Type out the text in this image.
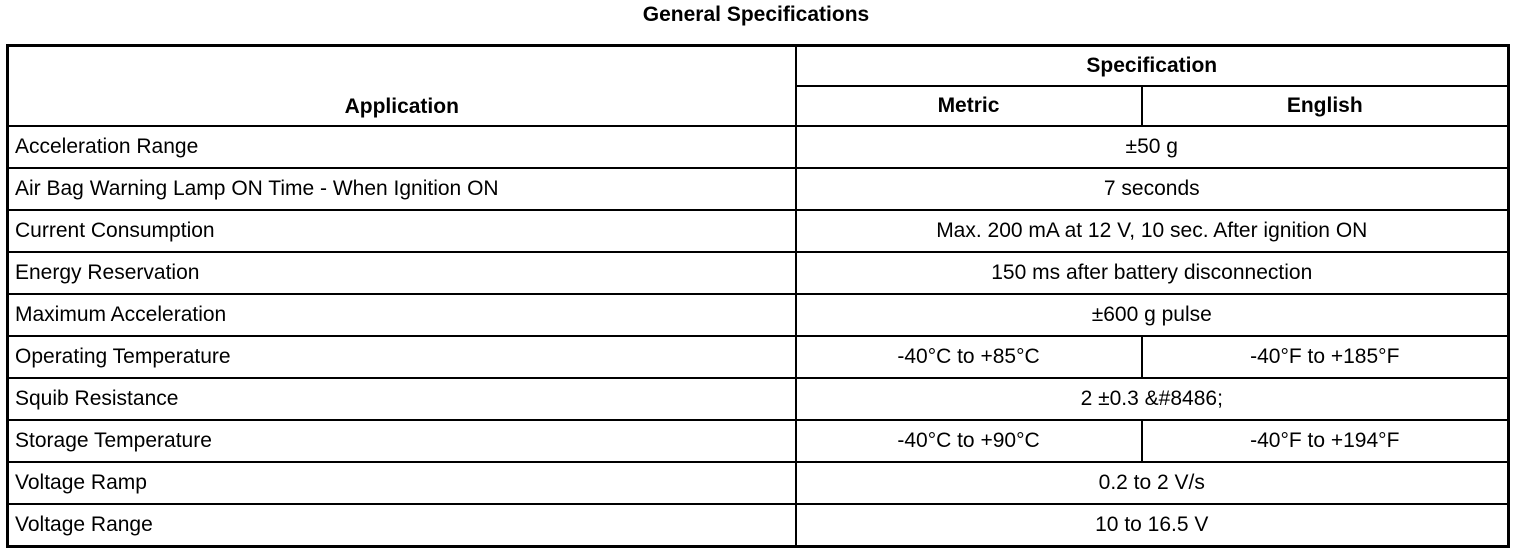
General Specifications
Application	Specification	
	Metric	English
Acceleration Range	±50 g	
Air Bag Warning Lamp ON Time - When Ignition ON	7 seconds	
Current Consumption	Max. 200 mA at 12 V, 10 sec. After ignition ON	
Energy Reservation	150 ms after battery disconnection	
Maximum Acceleration	±600 g pulse	
Operating Temperature	-40°C to +85°C	-40°F to +185°F
Squib Resistance	2 ±0.3 &#8486;	
Storage Temperature	-40°C to +90°C	-40°F to +194°F
Voltage Ramp	0.2 to 2 V/s	
Voltage Range	10 to 16.5 V	
